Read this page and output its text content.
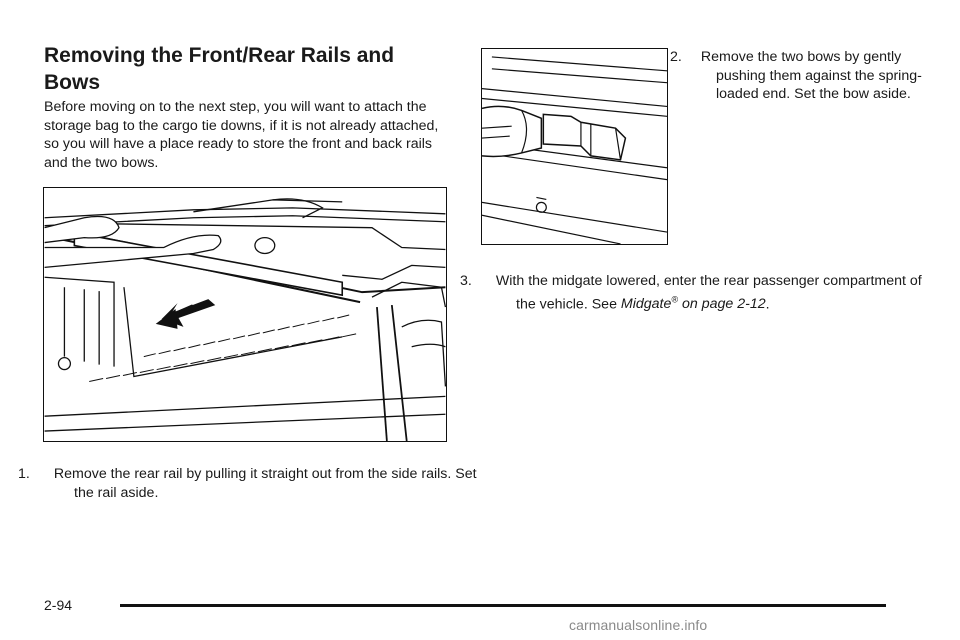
Removing the Front/Rear Rails and Bows
Before moving on to the next step, you will want to attach the storage bag to the cargo tie downs, if it is not already attached, so you will have a place ready to store the front and back rails and the two bows.
1. Remove the rear rail by pulling it straight out from the side rails. Set the rail aside.
2. Remove the two bows by gently pushing them against the spring-loaded end. Set the bow aside.
3. With the midgate lowered, enter the rear passenger compartment of the vehicle. See Midgate® on page 2-12.
2-94
carmanualsonline.info
